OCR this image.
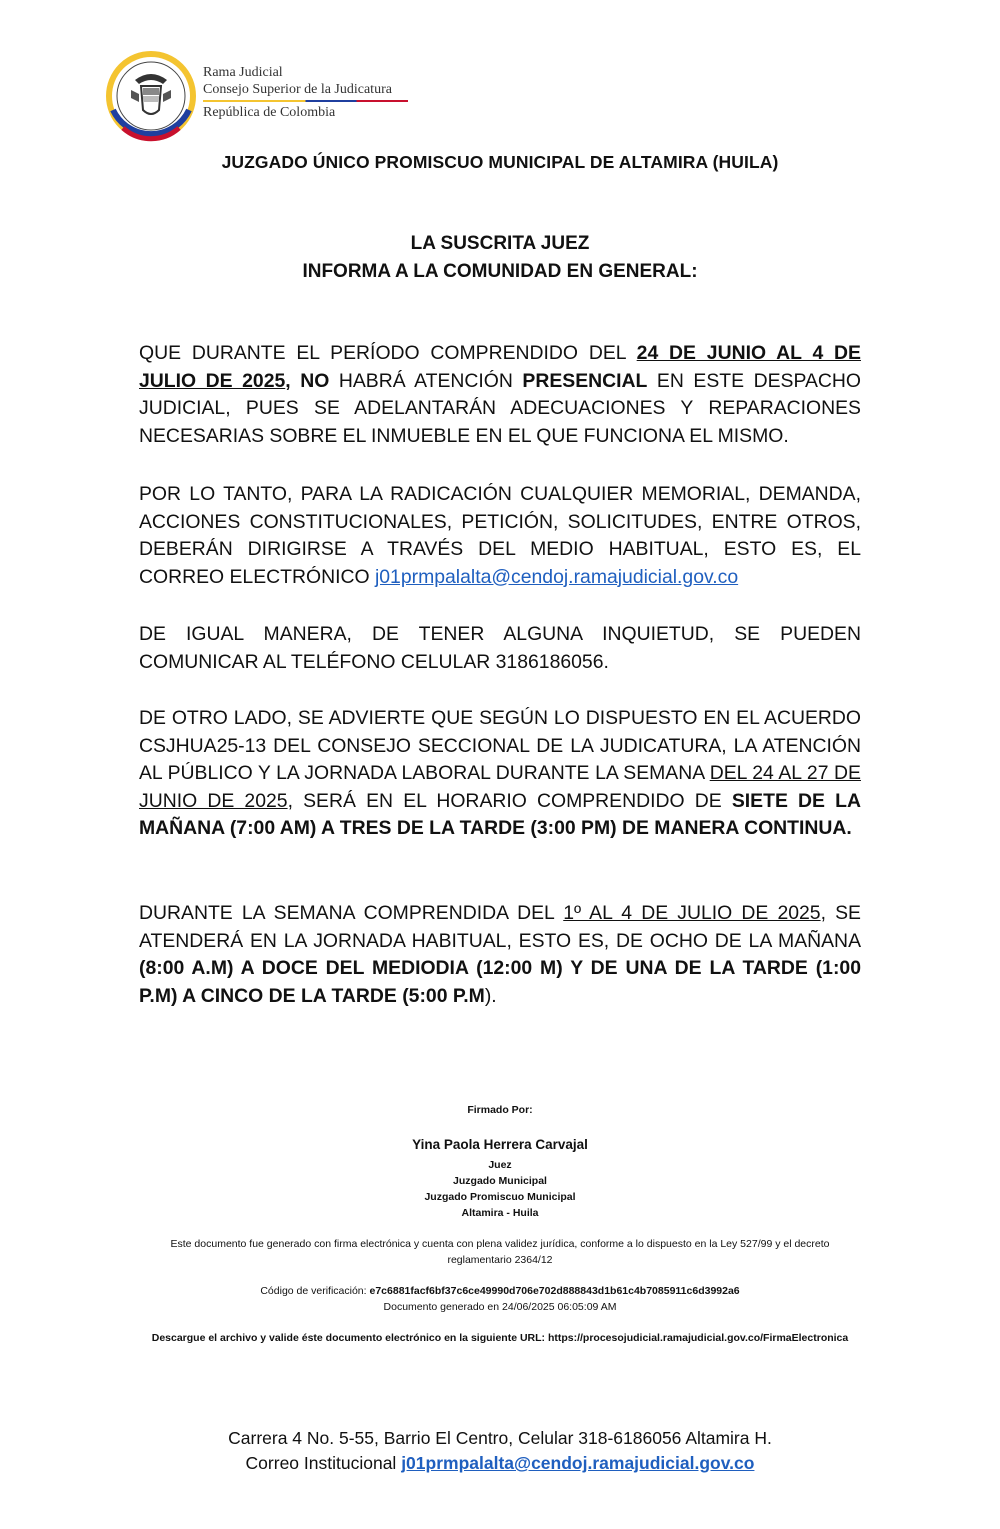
Rama Judicial
Consejo Superior de la Judicatura
República de Colombia
JUZGADO ÚNICO PROMISCUO MUNICIPAL DE ALTAMIRA (HUILA)
LA SUSCRITA JUEZ
INFORMA A LA COMUNIDAD EN GENERAL:
QUE DURANTE EL PERÍODO COMPRENDIDO DEL 24 DE JUNIO AL 4 DE JULIO DE 2025, NO HABRÁ ATENCIÓN PRESENCIAL EN ESTE DESPACHO JUDICIAL, PUES SE ADELANTARÁN ADECUACIONES Y REPARACIONES NECESARIAS SOBRE EL INMUEBLE EN EL QUE FUNCIONA EL MISMO.
POR LO TANTO, PARA LA RADICACIÓN CUALQUIER MEMORIAL, DEMANDA, ACCIONES CONSTITUCIONALES, PETICIÓN, SOLICITUDES, ENTRE OTROS, DEBERÁN DIRIGIRSE A TRAVÉS DEL MEDIO HABITUAL, ESTO ES, EL CORREO ELECTRÓNICO j01prmpalalta@cendoj.ramajudicial.gov.co
DE IGUAL MANERA, DE TENER ALGUNA INQUIETUD, SE PUEDEN COMUNICAR AL TELÉFONO CELULAR 3186186056.
DE OTRO LADO, SE ADVIERTE QUE SEGÚN LO DISPUESTO EN EL ACUERDO CSJHUA25-13 DEL CONSEJO SECCIONAL DE LA JUDICATURA, LA ATENCIÓN AL PÚBLICO Y LA JORNADA LABORAL DURANTE LA SEMANA DEL 24 AL 27 DE JUNIO DE 2025, SERÁ EN EL HORARIO COMPRENDIDO DE SIETE DE LA MAÑANA (7:00 AM) A TRES DE LA TARDE (3:00 PM) DE MANERA CONTINUA.
DURANTE LA SEMANA COMPRENDIDA DEL 1º AL 4 DE JULIO DE 2025, SE ATENDERÁ EN LA JORNADA HABITUAL, ESTO ES, DE OCHO DE LA MAÑANA (8:00 A.M) A DOCE DEL MEDIODIA (12:00 M) Y DE UNA DE LA TARDE (1:00 P.M) A CINCO DE LA TARDE (5:00 P.M).
Firmado Por:
Yina Paola Herrera Carvajal
Juez
Juzgado Municipal
Juzgado Promiscuo Municipal
Altamira - Huila
Este documento fue generado con firma electrónica y cuenta con plena validez jurídica, conforme a lo dispuesto en la Ley 527/99 y el decreto reglamentario 2364/12
Código de verificación: e7c6881facf6bf37c6ce49990d706e702d888843d1b61c4b7085911c6d3992a6
Documento generado en 24/06/2025 06:05:09 AM
Descargue el archivo y valide éste documento electrónico en la siguiente URL: https://procesojudicial.ramajudicial.gov.co/FirmaElectronica
Carrera 4 No. 5-55, Barrio El Centro, Celular 318-6186056 Altamira H.
Correo Institucional j01prmpalalta@cendoj.ramajudicial.gov.co
